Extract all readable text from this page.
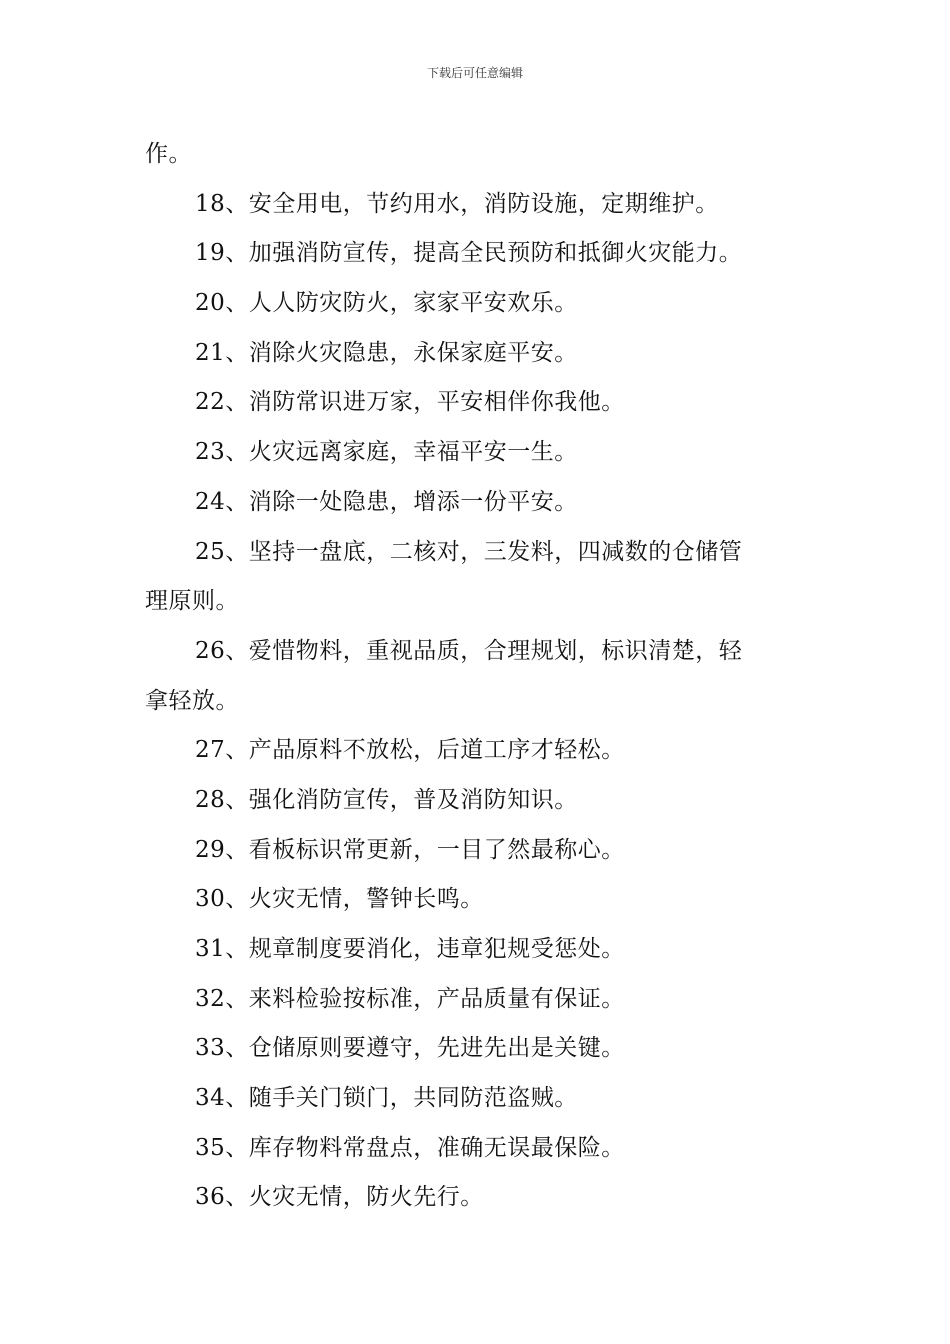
下载后可任意编辑
作。
18、安全用电，节约用水，消防设施，定期维护。
19、加强消防宣传，提高全民预防和抵御火灾能力。
20、人人防灾防火，家家平安欢乐。
21、消除火灾隐患，永保家庭平安。
22、消防常识进万家，平安相伴你我他。
23、火灾远离家庭，幸福平安一生。
24、消除一处隐患，增添一份平安。
25、坚持一盘底，二核对，三发料，四减数的仓储管
理原则。
26、爱惜物料，重视品质，合理规划，标识清楚，轻
拿轻放。
27、产品原料不放松，后道工序才轻松。
28、强化消防宣传，普及消防知识。
29、看板标识常更新，一目了然最称心。
30、火灾无情，警钟长鸣。
31、规章制度要消化，违章犯规受惩处。
32、来料检验按标准，产品质量有保证。
33、仓储原则要遵守，先进先出是关键。
34、随手关门锁门，共同防范盗贼。
35、库存物料常盘点，准确无误最保险。
36、火灾无情，防火先行。
